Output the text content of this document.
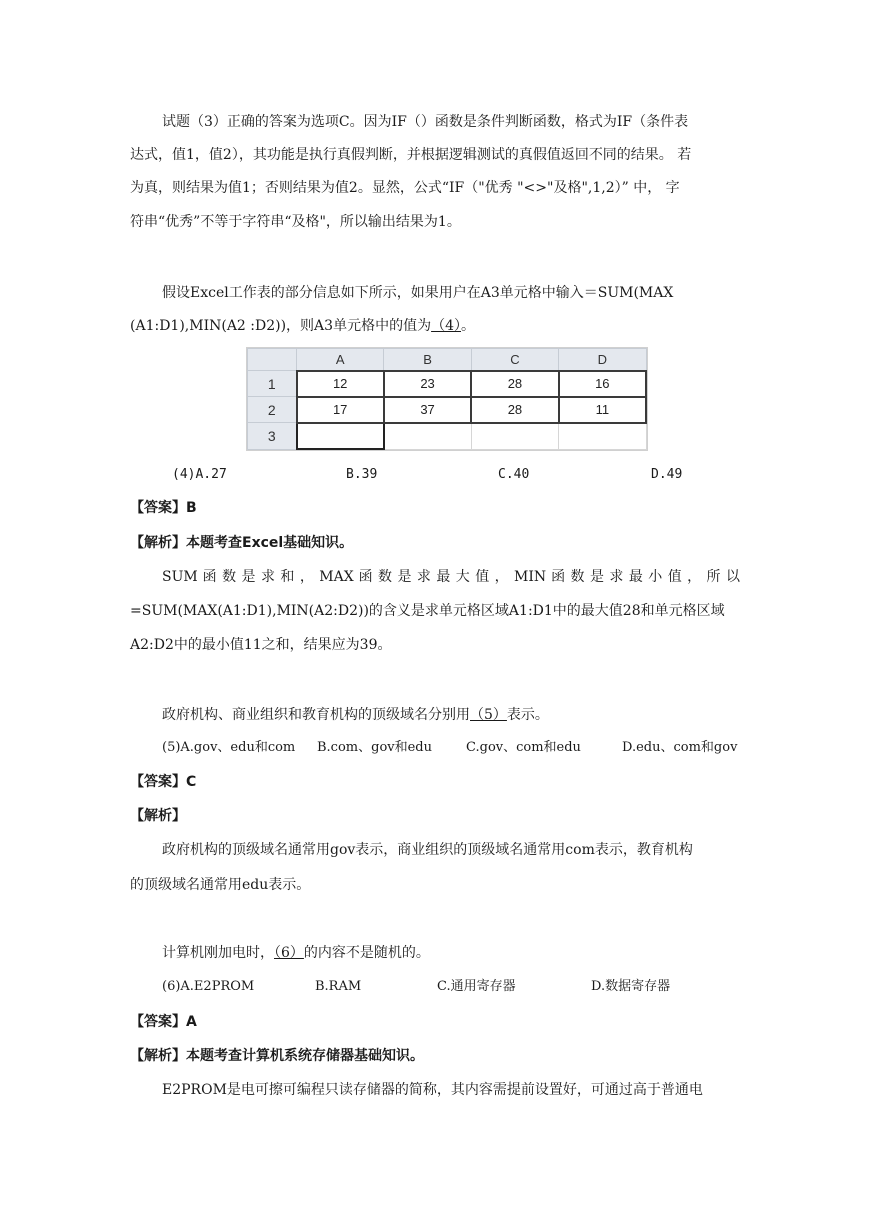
试题（3）正确的答案为选项C。因为IF（）函数是条件判断函数，格式为IF（条件表
达式，值1，值2），其功能是执行真假判断，并根据逻辑测试的真假值返回不同的结果。 若
为真，则结果为值1；否则结果为值2。显然，公式“IF（"优秀 "<>"及格",1,2）” 中， 字
符串“优秀”不等于字符串“及格"，所以输出结果为1。
假设Excel工作表的部分信息如下所示，如果用户在A3单元格中输入＝SUM(MAX
(A1:D1),MIN(A2 :D2))，则A3单元格中的值为（4）。
	A	B	C	D
1	12	23	28	16
2	17	37	28	11
3				
(4)A.27	B.39	C.40	D.49
【答案】B
【解析】本题考查Excel基础知识。
SUM 函 数 是 求 和 ， MAX 函 数 是 求 最 大 值 ， MIN 函 数 是 求 最 小 值 ， 所 以
=SUM(MAX(A1:D1),MIN(A2:D2))的含义是求单元格区域A1:D1中的最大值28和单元格区域
A2:D2中的最小值11之和，结果应为39。
政府机构、商业组织和教育机构的顶级域名分别用（5）表示。
(5)A.gov、edu和com B.com、gov和edu	C.gov、com和edu	D.edu、com和gov
【答案】C
【解析】
政府机构的顶级域名通常用gov表示，商业组织的顶级域名通常用com表示，教育机构
的顶级域名通常用edu表示。
计算机刚加电时，（6）的内容不是随机的。
(6)A.E2PROM	B.RAM	C.通用寄存器	D.数据寄存器
【答案】A
【解析】本题考查计算机系统存储器基础知识。
E2PROM是电可擦可编程只读存储器的简称，其内容需提前设置好，可通过高于普通电
